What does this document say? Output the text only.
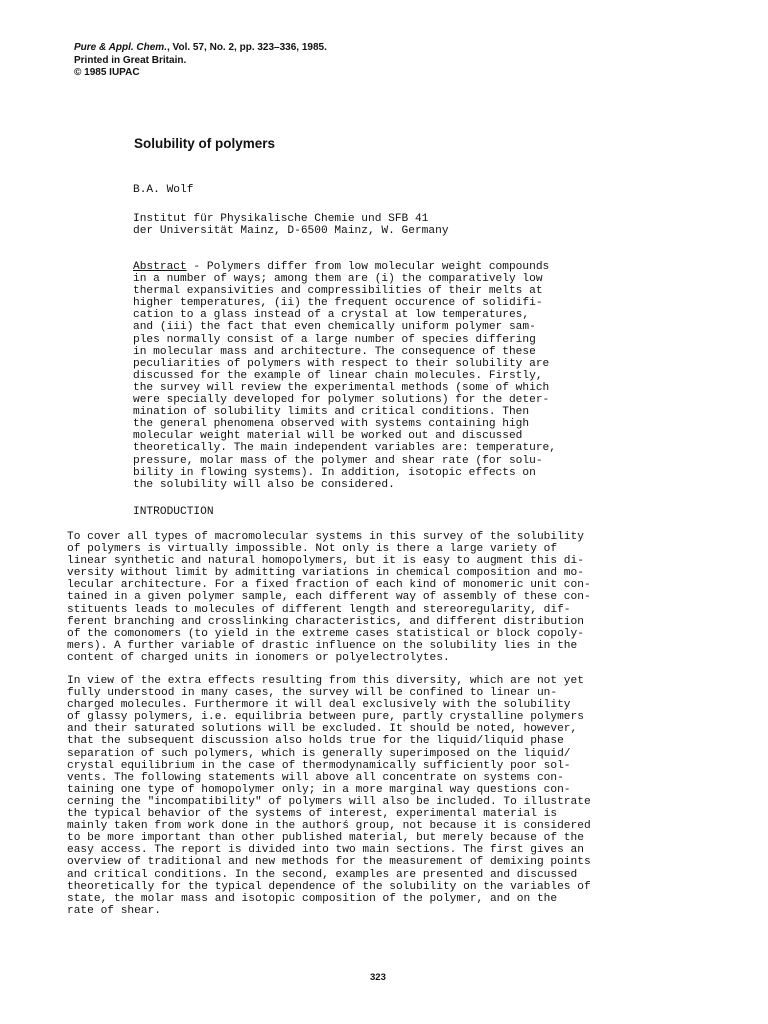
Pure & Appl. Chem., Vol. 57, No. 2, pp. 323–336, 1985.
Printed in Great Britain.
© 1985 IUPAC
Solubility of polymers

B.A. Wolf

Institut für Physikalische Chemie und SFB 41
der Universität Mainz, D-6500 Mainz, W. Germany

Abstract - Polymers differ from low molecular weight compounds
in a number of ways; among them are (i) the comparatively low
thermal expansivities and compressibilities of their melts at
higher temperatures, (ii) the frequent occurence of solidifi-
cation to a glass instead of a crystal at low temperatures,
and (iii) the fact that even chemically uniform polymer sam-
ples normally consist of a large number of species differing
in molecular mass and architecture. The consequence of these
peculiarities of polymers with respect to their solubility are
discussed for the example of linear chain molecules. Firstly,
the survey will review the experimental methods (some of which
were specially developed for polymer solutions) for the deter-
mination of solubility limits and critical conditions. Then
the general phenomena observed with systems containing high
molecular weight material will be worked out and discussed
theoretically. The main independent variables are: temperature,
pressure, molar mass of the polymer and shear rate (for solu-
bility in flowing systems). In addition, isotopic effects on
the solubility will also be considered.

INTRODUCTION

To cover all types of macromolecular systems in this survey of the solubility
of polymers is virtually impossible. Not only is there a large variety of
linear synthetic and natural homopolymers, but it is easy to augment this di-
versity without limit by admitting variations in chemical composition and mo-
lecular architecture. For a fixed fraction of each kind of monomeric unit con-
tained in a given polymer sample, each different way of assembly of these con-
stituents leads to molecules of different length and stereoregularity, dif-
ferent branching and crosslinking characteristics, and different distribution
of the comonomers (to yield in the extreme cases statistical or block copoly-
mers). A further variable of drastic influence on the solubility lies in the
content of charged units in ionomers or polyelectrolytes.

In view of the extra effects resulting from this diversity, which are not yet
fully understood in many cases, the survey will be confined to linear un-
charged molecules. Furthermore it will deal exclusively with the solubility
of glassy polymers, i.e. equilibria between pure, partly crystalline polymers
and their saturated solutions will be excluded. It should be noted, however,
that the subsequent discussion also holds true for the liquid/liquid phase
separation of such polymers, which is generally superimposed on the liquid/
crystal equilibrium in the case of thermodynamically sufficiently poor sol-
vents. The following statements will above all concentrate on systems con-
taining one type of homopolymer only; in a more marginal way questions con-
cerning the "incompatibility" of polymers will also be included. To illustrate
the typical behavior of the systems of interest, experimental material is
mainly taken from work done in the authorś group, not because it is considered
to be more important than other published material, but merely because of the
easy access. The report is divided into two main sections. The first gives an
overview of traditional and new methods for the measurement of demixing points
and critical conditions. In the second, examples are presented and discussed
theoretically for the typical dependence of the solubility on the variables of
state, the molar mass and isotopic composition of the polymer, and on the
rate of shear.

323
